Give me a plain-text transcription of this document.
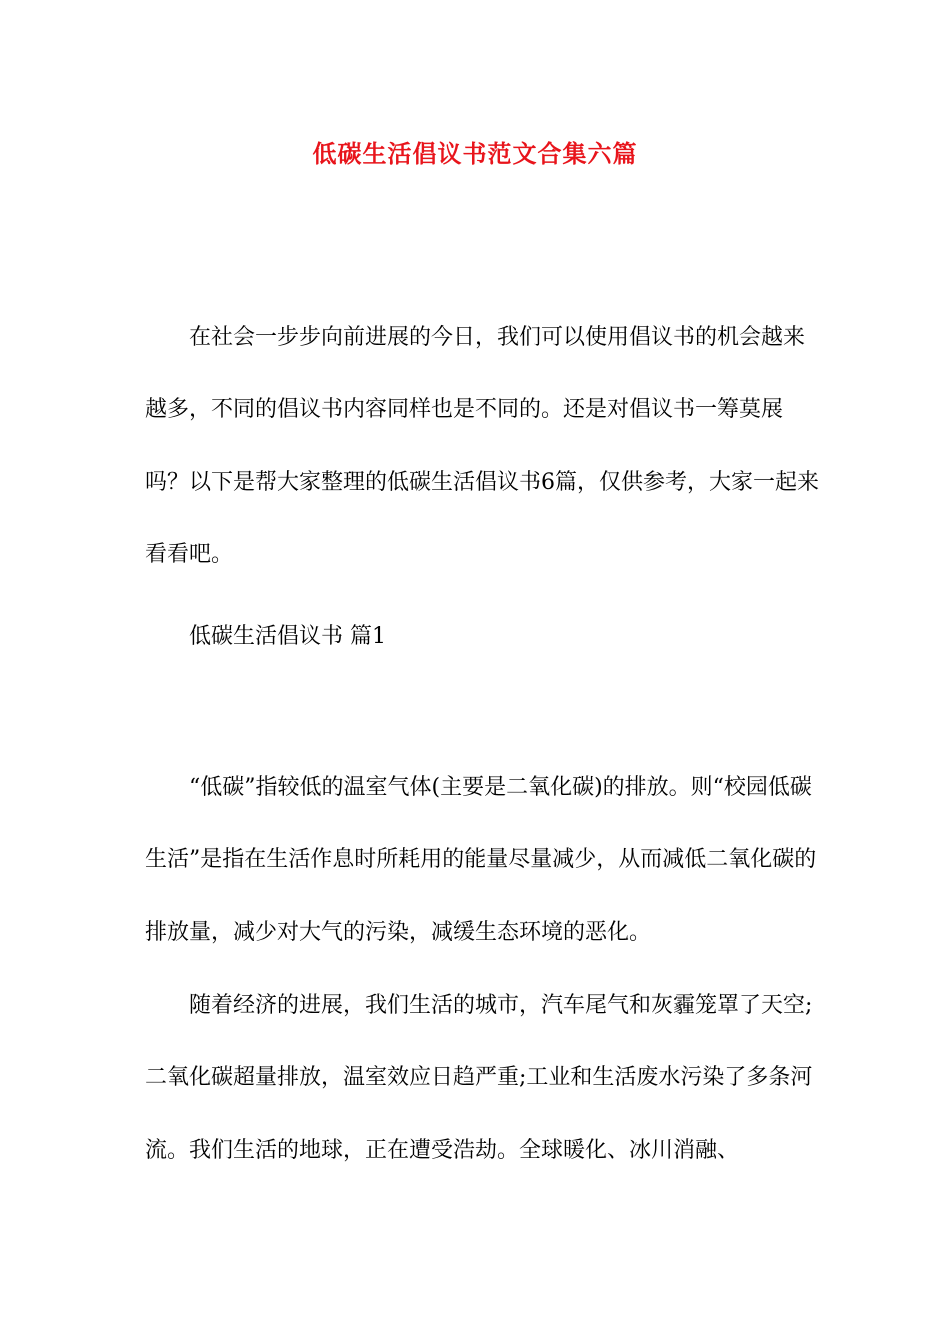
低碳生活倡议书范文合集六篇

在社会一步步向前进展的今日，我们可以使用倡议书的机会越来越多，不同的倡议书内容同样也是不同的。还是对倡议书一筹莫展吗？以下是帮大家整理的低碳生活倡议书6篇，仅供参考，大家一起来看看吧。

低碳生活倡议书 篇1

“低碳”指较低的温室气体(主要是二氧化碳)的排放。则“校园低碳生活”是指在生活作息时所耗用的能量尽量减少，从而减低二氧化碳的排放量，减少对大气的污染，减缓生态环境的恶化。

随着经济的进展，我们生活的城市，汽车尾气和灰霾笼罩了天空;二氧化碳超量排放，温室效应日趋严重;工业和生活废水污染了多条河流。我们生活的地球，正在遭受浩劫。全球暖化、冰川消融、
